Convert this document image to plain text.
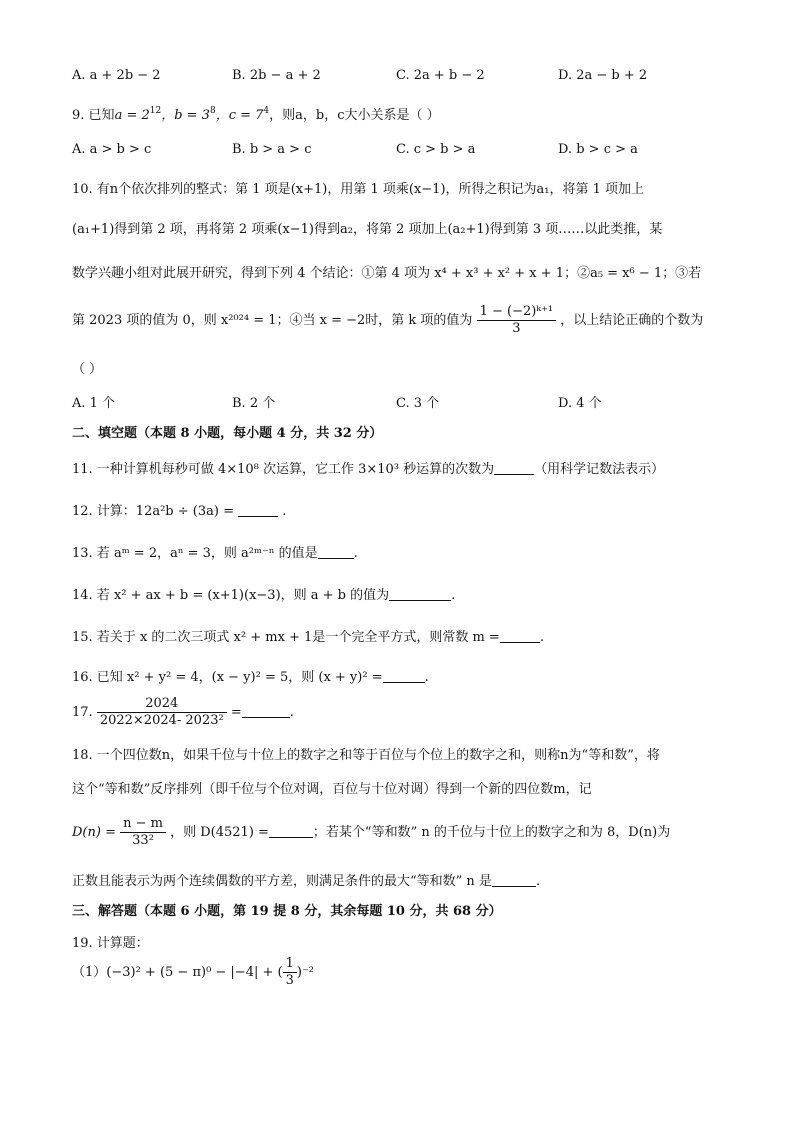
A. a + 2b − 2	B. 2b − a + 2	C. 2a + b − 2	D. 2a − b + 2
9. 已知$a = 2^{12}$，$b = 3^8$，$c = 7^4$，则a，b，c大小关系是（ ）
A. a > b > c	B. b > a > c	C. c > b > a	D. b > c > a
10. 有n个依次排列的整式：第 1 项是(x+1)，用第 1 项乘(x−1)，所得之积记为a₁，将第 1 项加上
(a₁+1)得到第 2 项，再将第 2 项乘(x−1)得到a₂，将第 2 项加上(a₂+1)得到第 3 项……以此类推，某
数学兴趣小组对此展开研究，得到下列 4 个结论：①第 4 项为 x⁴ + x³ + x² + x + 1；②a₅ = x⁶ − 1；③若
第 2023 项的值为 0，则 x²⁰²⁴ = 1；④当 x = −2时，第 k 项的值为 $\frac{\text{1 − (−2)ᵏ⁺¹}}{3}$ ，以上结论正确的个数为
（ ）
A. 1 个	B. 2 个	C. 3 个	D. 4 个
二、填空题（本题 8 小题，每小题 4 分，共 32 分）
11. 一种计算机每秒可做 4×10⁸ 次运算，它工作 3×10³ 秒运算的次数为	（用科学记数法表示）
12. 计算：12a²b ÷ (3a) =	.
13. 若 aᵐ = 2，aⁿ = 3，则 a²ᵐ⁻ⁿ 的值是	.
14. 若 x² + ax + b = (x+1)(x−3)，则 a + b 的值为	.
15. 若关于 x 的二次三项式 x² + mx + 1是一个完全平方式，则常数 m =	.
16. 已知 x² + y² = 4，(x − y)² = 5，则 (x + y)² =	.
17. $\frac{2024}{\text{2022×2024- 2023²}}$ =	.
18. 一个四位数n，如果千位与十位上的数字之和等于百位与个位上的数字之和，则称n为“等和数”，将
这个“等和数”反序排列（即千位与个位对调，百位与十位对调）得到一个新的四位数m，记
$D(n) = \frac{n - m}{\text{33²}}$ ，则 D(4521) =	；若某个“等和数” n 的千位与十位上的数字之和为 8，D(n)为
正数且能表示为两个连续偶数的平方差，则满足条件的最大“等和数” n 是	.
三、解答题（本题 6 小题，第 19 提 8 分，其余每题 10 分，共 68 分）
19. 计算题：
（1）(−3)² + (5 − π)⁰ − |−4| + ( $\frac{1}{3} )^{-2}$
